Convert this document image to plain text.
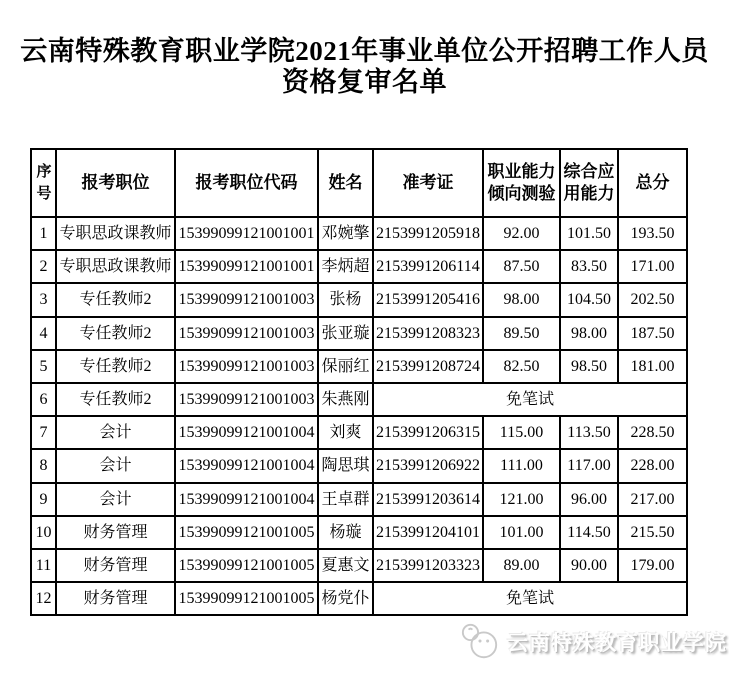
云南特殊教育职业学院2021年事业单位公开招聘工作人员
资格复审名单
序号	报考职位	报考职位代码	姓名	准考证	职业能力倾向测验	综合应用能力	总分
1	专职思政课教师	15399099121001001	邓婉擎	2153991205918	92.00	101.50	193.50
2	专职思政课教师	15399099121001001	李炳超	2153991206114	87.50	83.50	171.00
3	专任教师2	15399099121001003	张杨	2153991205416	98.00	104.50	202.50
4	专任教师2	15399099121001003	张亚璇	2153991208323	89.50	98.00	187.50
5	专任教师2	15399099121001003	保丽红	2153991208724	82.50	98.50	181.00
6	专任教师2	15399099121001003	朱燕刚	免笔试			
7	会计	15399099121001004	刘爽	2153991206315	115.00	113.50	228.50
8	会计	15399099121001004	陶思琪	2153991206922	111.00	117.00	228.00
9	会计	15399099121001004	王卓群	2153991203614	121.00	96.00	217.00
10	财务管理	15399099121001005	杨璇	2153991204101	101.00	114.50	215.50
11	财务管理	15399099121001005	夏惠文	2153991203323	89.00	90.00	179.00
12	财务管理	15399099121001005	杨党仆	免笔试			
云南特殊教育职业学院
